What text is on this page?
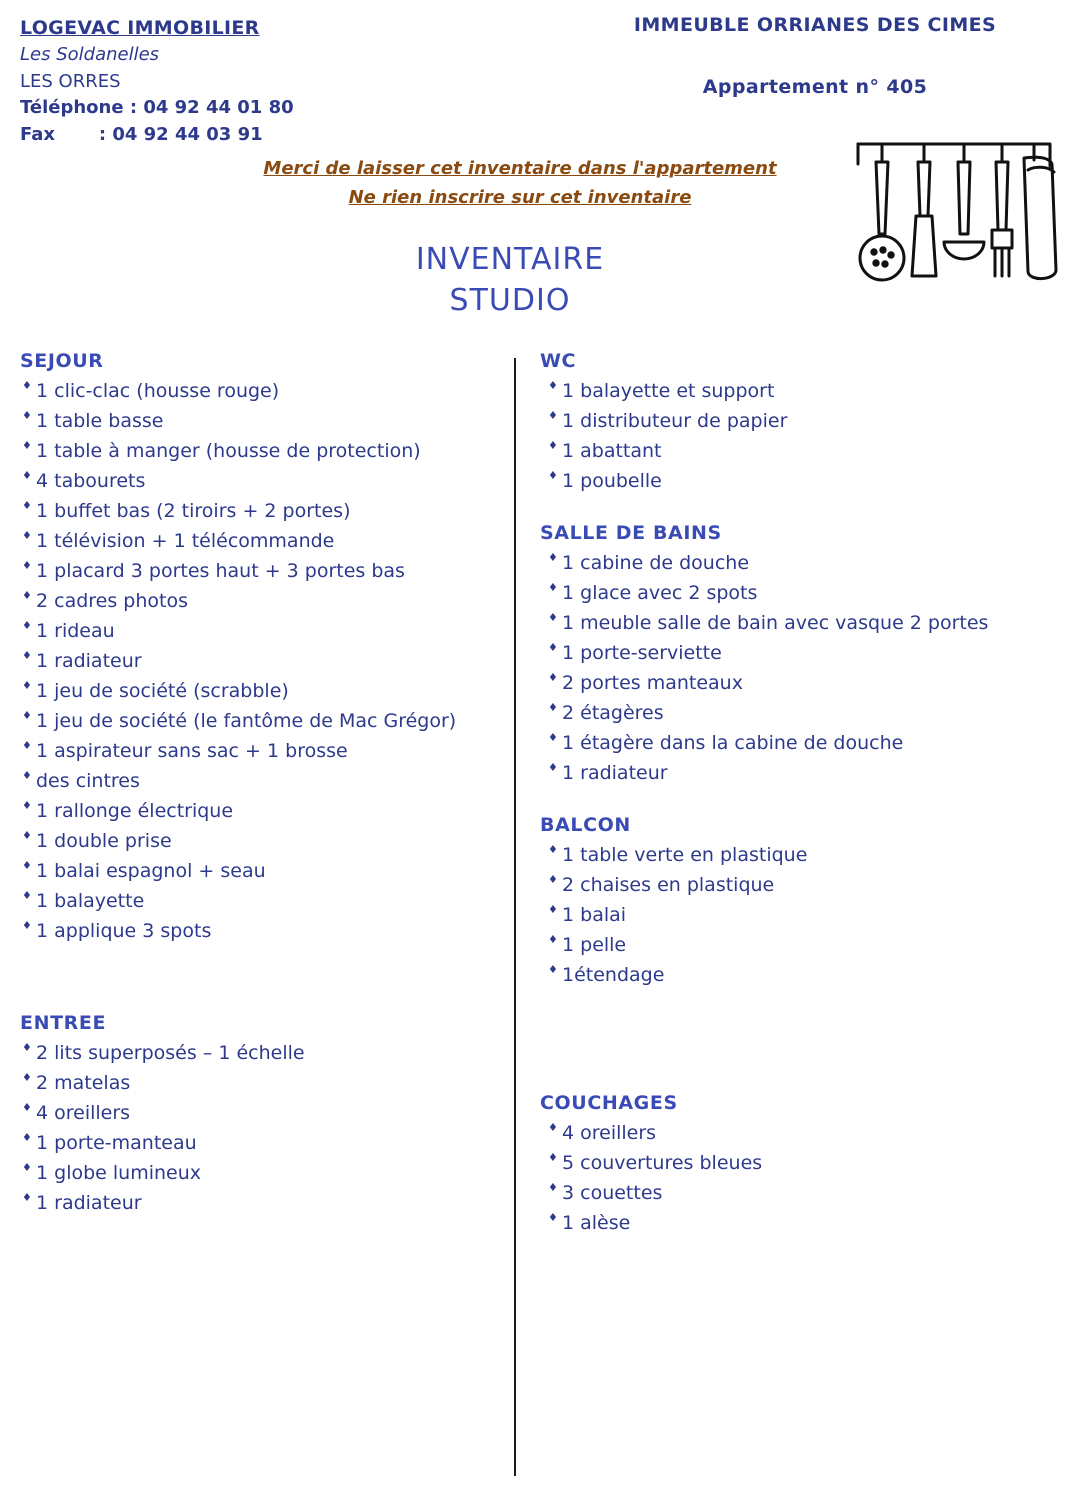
LOGEVAC IMMOBILIER
Les Soldanelles
LES ORRES
Téléphone : 04 92 44 01 80
Fax : 04 92 44 03 91
IMMEUBLE ORRIANES DES CIMES
Appartement n° 405
Merci de laisser cet inventaire dans l'appartement
Ne rien inscrire sur cet inventaire
INVENTAIRE
STUDIO
SEJOUR
♦ 1 clic-clac (housse rouge)
♦ 1 table basse
♦ 1 table à manger (housse de protection)
♦ 4 tabourets
♦ 1 buffet bas (2 tiroirs + 2 portes)
♦ 1 télévision + 1 télécommande
♦ 1 placard 3 portes haut + 3 portes bas
♦ 2 cadres photos
♦ 1 rideau
♦ 1 radiateur
♦ 1 jeu de société (scrabble)
♦ 1 jeu de société (le fantôme de Mac Grégor)
♦ 1 aspirateur sans sac + 1 brosse
♦ des cintres
♦ 1 rallonge électrique
♦ 1 double prise
♦ 1 balai espagnol + seau
♦ 1 balayette
♦ 1 applique 3 spots
ENTREE
♦ 2 lits superposés – 1 échelle
♦ 2 matelas
♦ 4 oreillers
♦ 1 porte-manteau
♦ 1 globe lumineux
♦ 1 radiateur
WC
♦ 1 balayette et support
♦ 1 distributeur de papier
♦ 1 abattant
♦ 1 poubelle
SALLE DE BAINS
♦ 1 cabine de douche
♦ 1 glace avec 2 spots
♦ 1 meuble salle de bain avec vasque 2 portes
♦ 1 porte-serviette
♦ 2 portes manteaux
♦ 2 étagères
♦ 1 étagère dans la cabine de douche
♦ 1 radiateur
BALCON
♦ 1 table verte en plastique
♦ 2 chaises en plastique
♦ 1 balai
♦ 1 pelle
♦ 1étendage
COUCHAGES
♦ 4 oreillers
♦ 5 couvertures bleues
♦ 3 couettes
♦ 1 alèse
